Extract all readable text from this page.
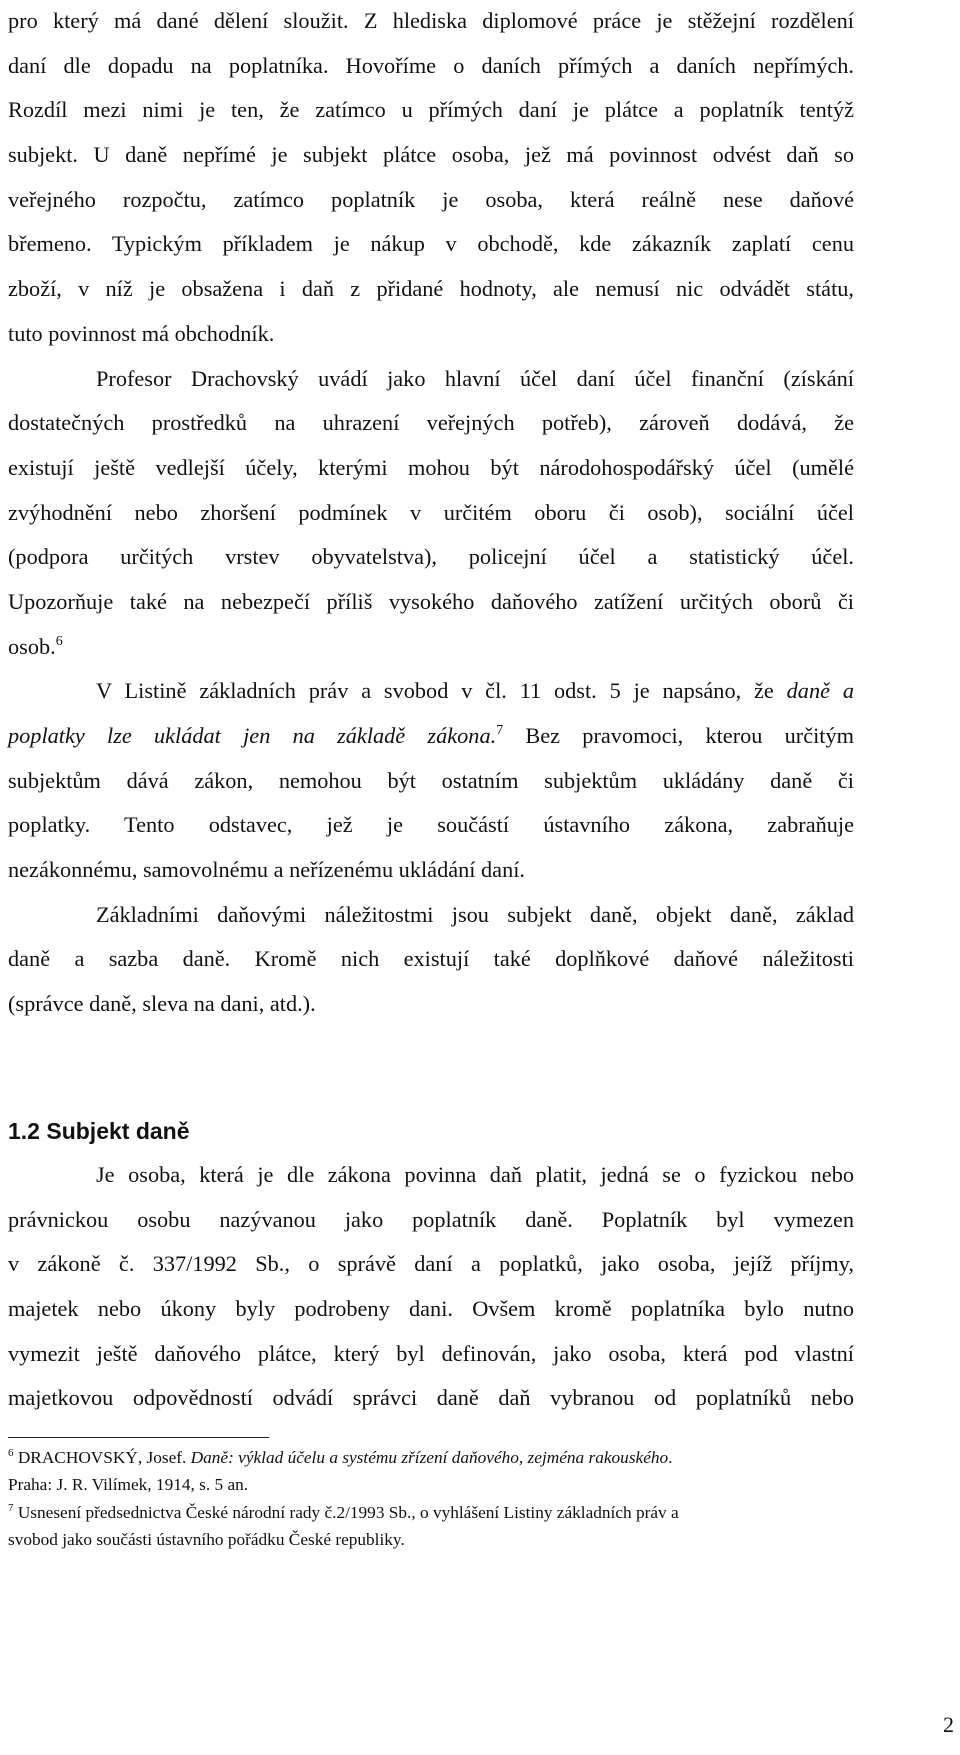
pro který má dané dělení sloužit. Z hlediska diplomové práce je stěžejní rozdělení
daní dle dopadu na poplatníka. Hovoříme o daních přímých a daních nepřímých.
Rozdíl mezi nimi je ten, že zatímco u přímých daní je plátce a poplatník tentýž
subjekt. U daně nepřímé je subjekt plátce osoba, jež má povinnost odvést daň so
veřejného rozpočtu, zatímco poplatník je osoba, která reálně nese daňové
břemeno. Typickým příkladem je nákup v obchodě, kde zákazník zaplatí cenu
zboží, v níž je obsažena i daň z přidané hodnoty, ale nemusí nic odvádět státu,
tuto povinnost má obchodník.
Profesor Drachovský uvádí jako hlavní účel daní účel finanční (získání
dostatečných prostředků na uhrazení veřejných potřeb), zároveň dodává, že
existují ještě vedlejší účely, kterými mohou být národohospodářský účel (umělé
zvýhodnění nebo zhoršení podmínek v určitém oboru či osob), sociální účel
(podpora určitých vrstev obyvatelstva), policejní účel a statistický účel.
Upozorňuje také na nebezpečí příliš vysokého daňového zatížení určitých oborů či
osob.$^6$
V Listině základních práv a svobod v čl. 11 odst. 5 je napsáno, že daně a
poplatky lze ukládat jen na základě zákona.$^7$ Bez pravomoci, kterou určitým
subjektům dává zákon, nemohou být ostatním subjektům ukládány daně či
poplatky. Tento odstavec, jež je součástí ústavního zákona, zabraňuje
nezákonnému, samovolnému a neřízenému ukládání daní.
Základními daňovými náležitostmi jsou subjekt daně, objekt daně, základ
daně a sazba daně. Kromě nich existují také doplňkové daňové náležitosti
(správce daně, sleva na dani, atd.).
1.2 Subjekt daně
Je osoba, která je dle zákona povinna daň platit, jedná se o fyzickou nebo
právnickou osobu nazývanou jako poplatník daně. Poplatník byl vymezen
v zákoně č. 337/1992 Sb., o správě daní a poplatků, jako osoba, jejíž příjmy,
majetek nebo úkony byly podrobeny dani. Ovšem kromě poplatníka bylo nutno
vymezit ještě daňového plátce, který byl definován, jako osoba, která pod vlastní
majetkovou odpovědností odvádí správci daně daň vybranou od poplatníků nebo
$^6$ DRACHOVSKÝ, Josef. Daně: výklad účelu a systému zřízení daňového, zejména rakouského.
Praha: J. R. Vilímek, 1914, s. 5 an.
$^7$ Usnesení předsednictva České národní rady č.2/1993 Sb., o vyhlášení Listiny základních práv a
svobod jako součásti ústavního pořádku České republiky.
2
